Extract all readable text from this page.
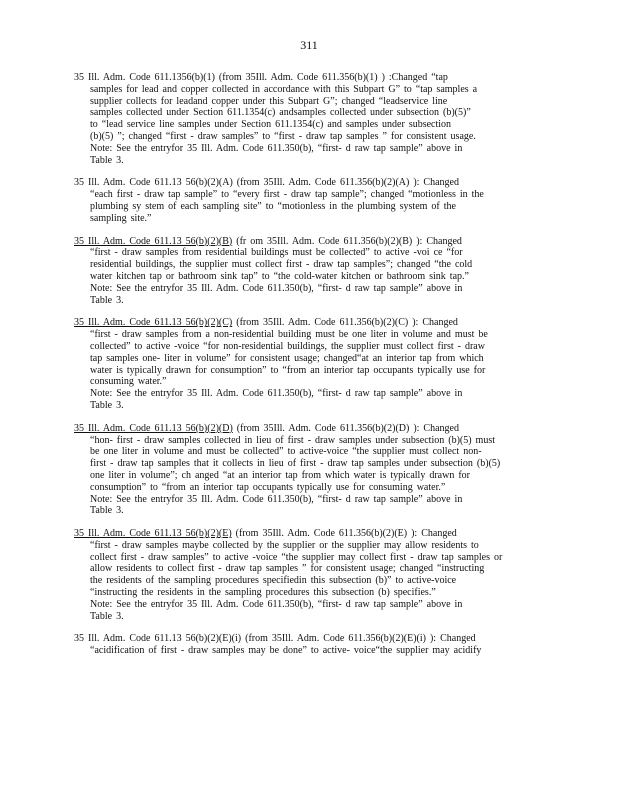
311
35 Ill. Adm. Code 611.1356(b)(1) (from 35Ill. Adm. Code 611.356(b)(1) ) :Changed “tap
samples for lead and copper collected in accordance with this Subpart G” to “tap samples a
supplier collects for leadand copper under this Subpart G”; changed “leadservice line
samples collected under Section 611.1354(c) andsamples collected under subsection (b)(5)”
to “lead service line samples under Section 611.1354(c) and samples under subsection
(b)(5) ”; changed “first - draw samples” to “first - draw tap samples ” for consistent usage.
Note: See the entryfor 35 Ill. Adm. Code 611.350(b), “first- d raw tap sample” above in
Table 3.
35 Ill. Adm. Code 611.13 56(b)(2)(A) (from 35Ill. Adm. Code 611.356(b)(2)(A) ): Changed
“each first - draw tap sample” to “every first - draw tap sample”; changed “motionless in the
plumbing sy stem of each sampling site” to “motionless in the plumbing system of the
sampling site.”
35 Ill. Adm. Code 611.13 56(b)(2)(B) (fr om 35Ill. Adm. Code 611.356(b)(2)(B) ): Changed
“first - draw samples from residential buildings must be collected” to active -voi ce “for
residential buildings, the supplier must collect first - draw tap samples”; changed “the cold
water kitchen tap or bathroom sink tap” to “the cold-water kitchen or bathroom sink tap.”
Note: See the entryfor 35 Ill. Adm. Code 611.350(b), “first- d raw tap sample” above in
Table 3.
35 Ill. Adm. Code 611.13 56(b)(2)(C) (from 35Ill. Adm. Code 611.356(b)(2)(C) ): Changed
“first - draw samples from a non-residential building must be one liter in volume and must be
collected” to active -voice “for non-residential buildings, the supplier must collect first - draw
tap samples one- liter in volume” for consistent usage; changed“at an interior tap from which
water is typically drawn for consumption” to “from an interior tap occupants typically use for
consuming water.”
Note: See the entryfor 35 Ill. Adm. Code 611.350(b), “first- d raw tap sample” above in
Table 3.
35 Ill. Adm. Code 611.13 56(b)(2)(D) (from 35Ill. Adm. Code 611.356(b)(2)(D) ): Changed
“hon- first - draw samples collected in lieu of first - draw samples under subsection (b)(5) must
be one liter in volume and must be collected” to active-voice “the supplier must collect non-
first - draw tap samples that it collects in lieu of first - draw tap samples under subsection (b)(5)
one liter in volume”; ch anged “at an interior tap from which water is typically drawn for
consumption” to “from an interior tap occupants typically use for consuming water.”
Note: See the entryfor 35 Ill. Adm. Code 611.350(b), “first- d raw tap sample” above in
Table 3.
35 Ill. Adm. Code 611.13 56(b)(2)(E) (from 35Ill. Adm. Code 611.356(b)(2)(E) ): Changed
“first - draw samples maybe collected by the supplier or the supplier may allow residents to
collect first - draw samples” to active -voice “the supplier may collect first - draw tap samples or
allow residents to collect first - draw tap samples ” for consistent usage; changed “instructing
the residents of the sampling procedures specifiedin this subsection (b)” to active-voice
“instructing the residents in the sampling procedures this subsection (b) specifies.”
Note: See the entryfor 35 Ill. Adm. Code 611.350(b), “first- d raw tap sample” above in
Table 3.
35 Ill. Adm. Code 611.13 56(b)(2)(E)(i) (from 35Ill. Adm. Code 611.356(b)(2)(E)(i) ): Changed
“acidification of first - draw samples may be done” to active- voice“the supplier may acidify
